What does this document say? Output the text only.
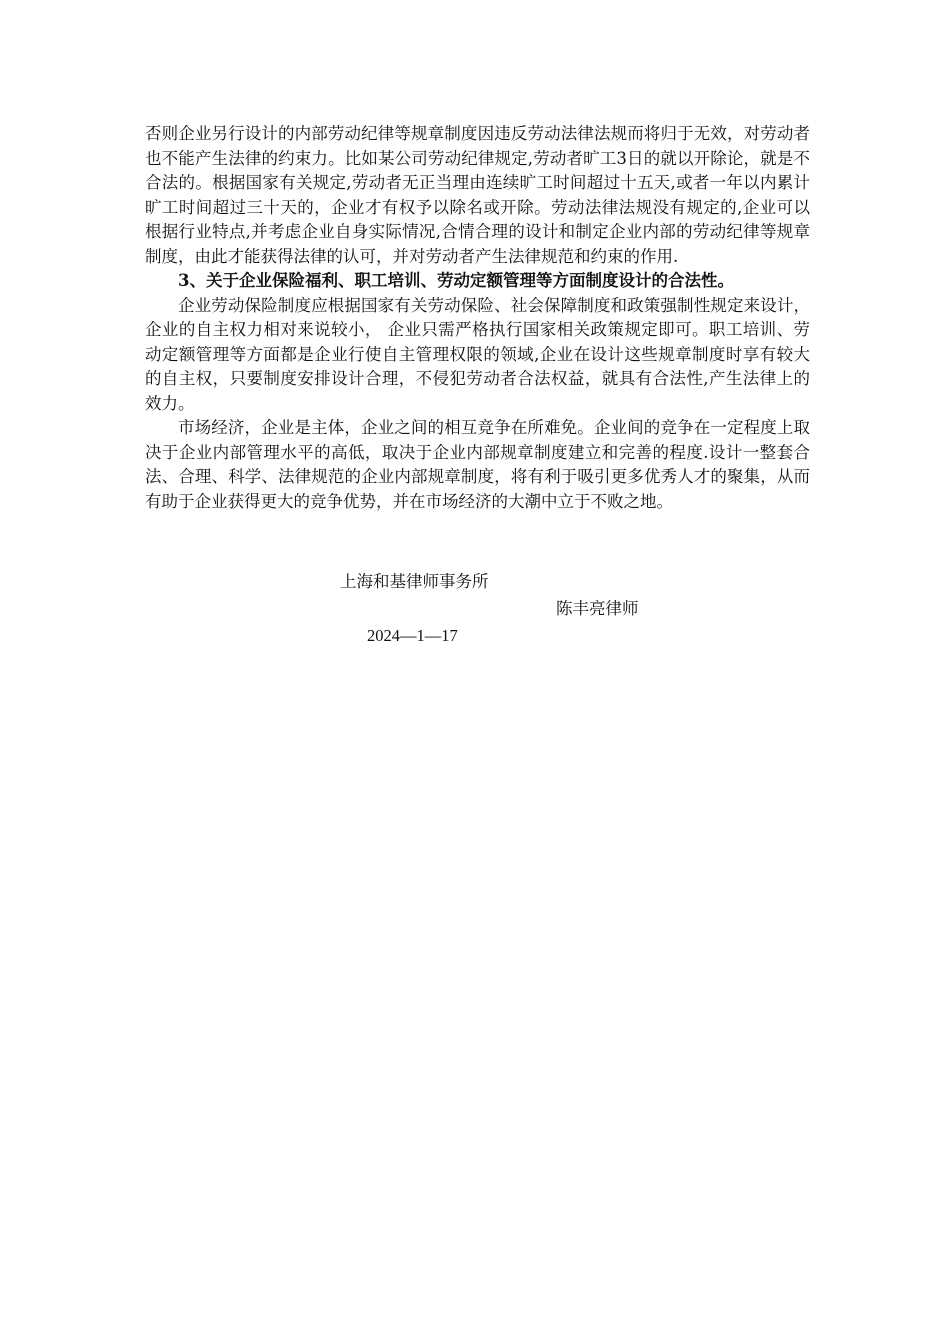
否则企业另行设计的内部劳动纪律等规章制度因违反劳动法律法规而将归于无效，对劳动者也不能产生法律的约束力。比如某公司劳动纪律规定,劳动者旷工3日的就以开除论，就是不合法的。根据国家有关规定,劳动者无正当理由连续旷工时间超过十五天,或者一年以内累计旷工时间超过三十天的，企业才有权予以除名或开除。劳动法律法规没有规定的,企业可以根据行业特点,并考虑企业自身实际情况,合情合理的设计和制定企业内部的劳动纪律等规章制度，由此才能获得法律的认可，并对劳动者产生法律规范和约束的作用.

3、关于企业保险福利、职工培训、劳动定额管理等方面制度设计的合法性。

企业劳动保险制度应根据国家有关劳动保险、社会保障制度和政策强制性规定来设计，企业的自主权力相对来说较小， 企业只需严格执行国家相关政策规定即可。职工培训、劳动定额管理等方面都是企业行使自主管理权限的领域,企业在设计这些规章制度时享有较大的自主权，只要制度安排设计合理，不侵犯劳动者合法权益，就具有合法性,产生法律上的效力。

市场经济，企业是主体，企业之间的相互竞争在所难免。企业间的竞争在一定程度上取决于企业内部管理水平的高低，取决于企业内部规章制度建立和完善的程度.设计一整套合法、合理、科学、法律规范的企业内部规章制度，将有利于吸引更多优秀人才的聚集，从而有助于企业获得更大的竞争优势，并在市场经济的大潮中立于不败之地。

上海和基律师事务所
陈丰亮律师
2024—1—17
